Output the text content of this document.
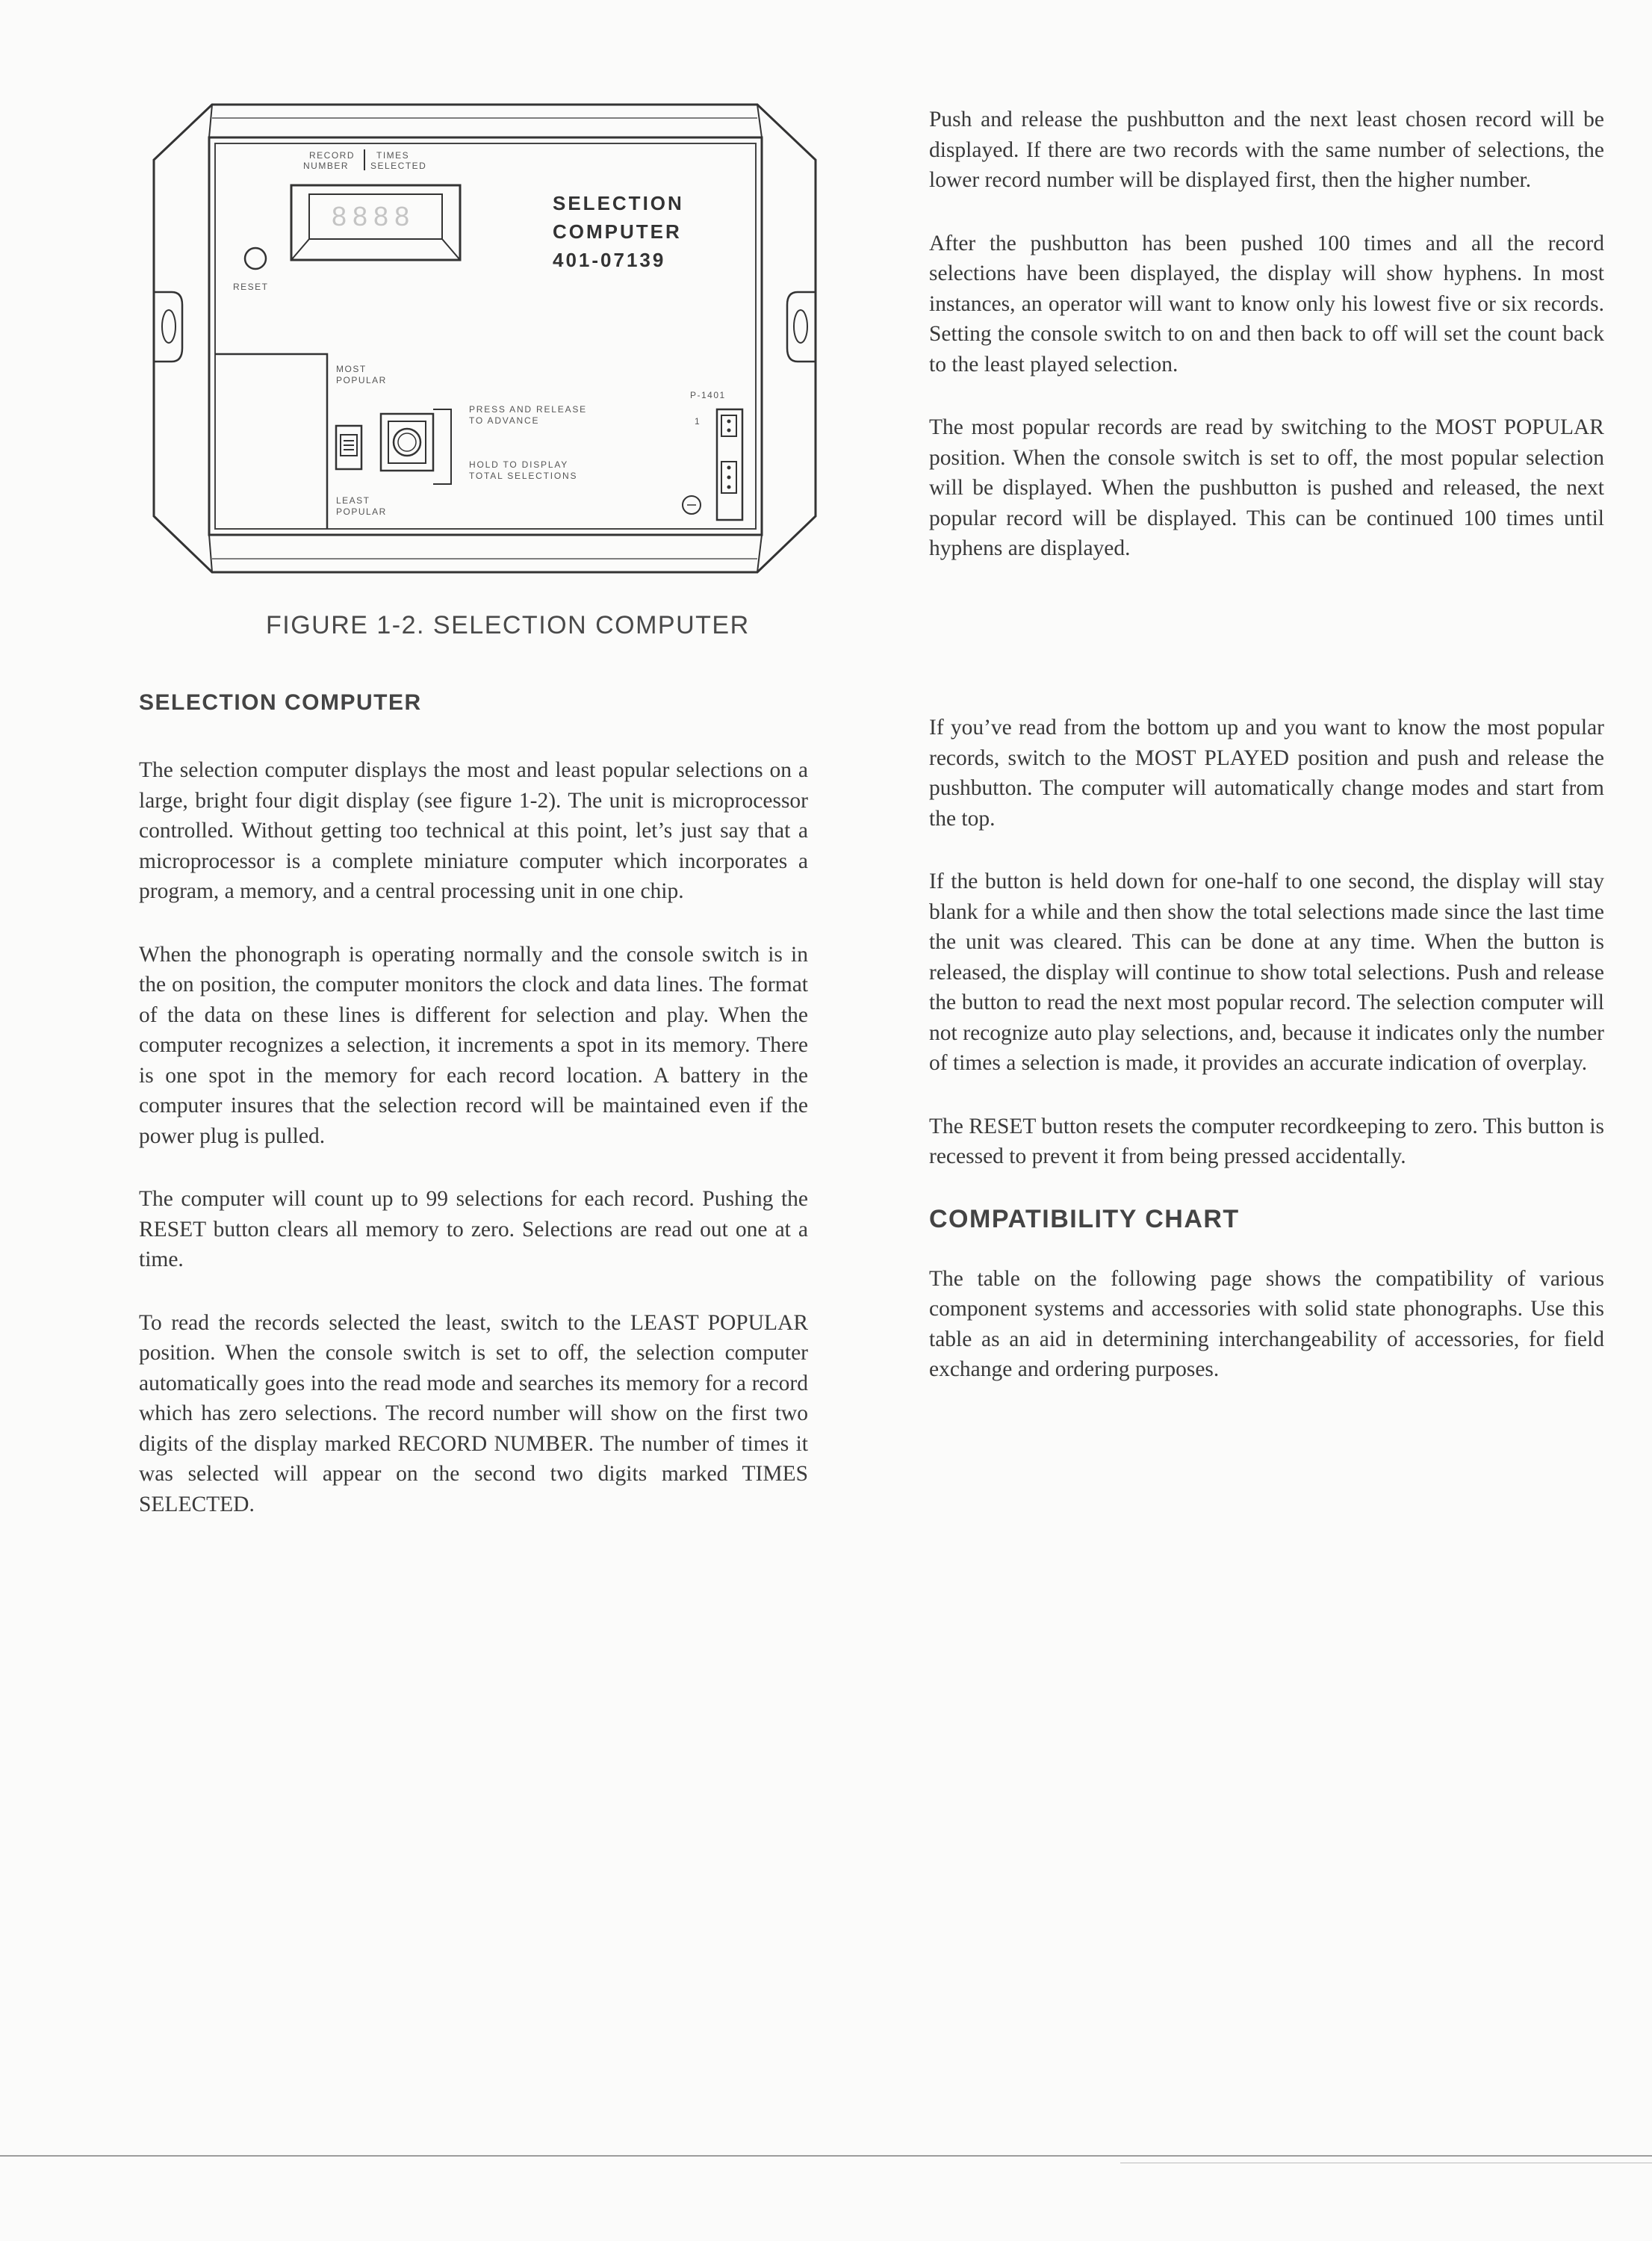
RECORD
NUMBER
TIMES
SELECTED
8888	SELECTION
COMPUTER
401-07139
RESET
MOST
POPULAR
LEAST
POPULAR
PRESS AND RELEASE
TO ADVANCE
HOLD TO DISPLAY
TOTAL SELECTIONS
P-1401
1
FIGURE 1-2. SELECTION COMPUTER
SELECTION COMPUTER

The selection computer displays the most and least popular selections on a large, bright four digit display (see figure 1-2). The unit is microprocessor controlled. Without getting too technical at this point, let’s just say that a microprocessor is a complete miniature computer which incorporates a program, a memory, and a central processing unit in one chip.

When the phonograph is operating normally and the console switch is in the on position, the computer monitors the clock and data lines. The format of the data on these lines is different for selection and play. When the computer recognizes a selection, it increments a spot in its memory. There is one spot in the memory for each record location. A battery in the computer insures that the selection record will be maintained even if the power plug is pulled.

The computer will count up to 99 selections for each record. Pushing the RESET button clears all memory to zero. Selections are read out one at a time.

To read the records selected the least, switch to the LEAST POPULAR position. When the console switch is set to off, the selection computer automatically goes into the read mode and searches its memory for a record which has zero selections. The record number will show on the first two digits of the display marked RECORD NUMBER. The number of times it was selected will appear on the second two digits marked TIMES SELECTED.

Push and release the pushbutton and the next least chosen record will be displayed. If there are two records with the same number of selections, the lower record number will be displayed first, then the higher number.

After the pushbutton has been pushed 100 times and all the record selections have been displayed, the display will show hyphens. In most instances, an operator will want to know only his lowest five or six records. Setting the console switch to on and then back to off will set the count back to the least played selection.

The most popular records are read by switching to the MOST POPULAR position. When the console switch is set to off, the most popular selection will be displayed. When the pushbutton is pushed and released, the next popular record will be displayed. This can be continued 100 times until hyphens are displayed.

If you’ve read from the bottom up and you want to know the most popular records, switch to the MOST PLAYED position and push and release the pushbutton. The computer will automatically change modes and start from the top.

If the button is held down for one-half to one second, the display will stay blank for a while and then show the total selections made since the last time the unit was cleared. This can be done at any time. When the button is released, the display will continue to show total selections. Push and release the button to read the next most popular record. The selection computer will not recognize auto play selections, and, because it indicates only the number of times a selection is made, it provides an accurate indication of overplay.

The RESET button resets the computer recordkeeping to zero. This button is recessed to prevent it from being pressed accidentally.

COMPATIBILITY CHART

The table on the following page shows the compatibility of various component systems and accessories with solid state phonographs. Use this table as an aid in determining interchangeability of accessories, for field exchange and ordering purposes.
